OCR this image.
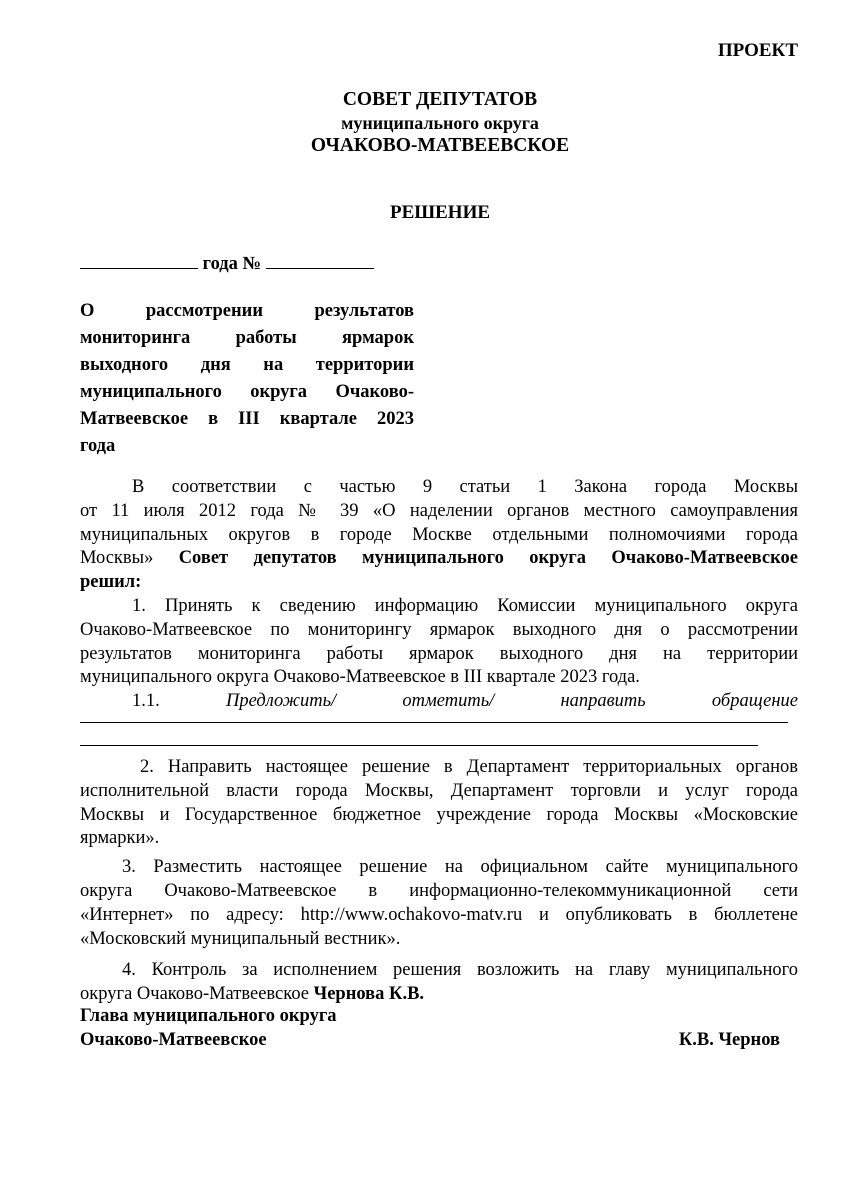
ПРОЕКТ
СОВЕТ ДЕПУТАТОВ
муниципального округа
ОЧАКОВО-МАТВЕЕВСКОЕ
РЕШЕНИЕ
года №
О рассмотрении результатов
мониторинга работы ярмарок
выходного дня на территории
муниципального округа Очаково-
Матвеевское в III квартале 2023
года
В соответствии с частью 9 статьи 1 Закона города Москвы
от 11 июля 2012 года № 39 «О наделении органов местного самоуправления
муниципальных округов в городе Москве отдельными полномочиями города
Москвы» Совет депутатов муниципального округа Очаково-Матвеевское
решил:
1. Принять к сведению информацию Комиссии муниципального округа
Очаково-Матвеевское по мониторингу ярмарок выходного дня о рассмотрении
результатов мониторинга работы ярмарок выходного дня на территории
муниципального округа Очаково-Матвеевское в III квартале 2023 года.
1.1.	Предложить/ отметить/ направить обращение
2. Направить настоящее решение в Департамент территориальных органов
исполнительной власти города Москвы, Департамент торговли и услуг города
Москвы и Государственное бюджетное учреждение города Москвы «Московские
ярмарки».
3. Разместить настоящее решение на официальном сайте муниципального
округа Очаково-Матвеевское в информационно-телекоммуникационной сети
«Интернет» по адресу: http://www.ochakovo-matv.ru и опубликовать в бюллетене
«Московский муниципальный вестник».
4. Контроль за исполнением решения возложить на главу муниципального
округа Очаково-Матвеевское Чернова К.В.
Глава муниципального округа
Очаково-Матвеевское	К.В. Чернов
